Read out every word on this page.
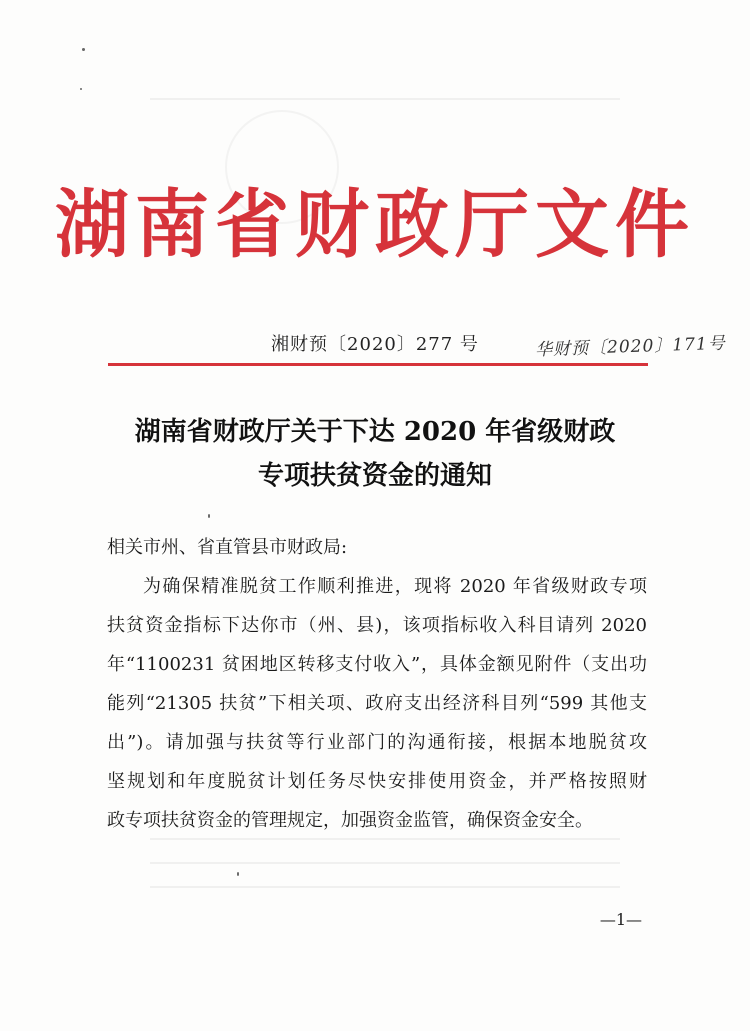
湖南省财政厅文件
湘财预〔2020〕277 号	华财预〔2020〕171号
湖南省财政厅关于下达 2020 年省级财政
专项扶贫资金的通知
相关市州、省直管县市财政局:
为确保精准脱贫工作顺利推进，现将 2020 年省级财政专项
扶贫资金指标下达你市（州、县)，该项指标收入科目请列 2020
年“1100231 贫困地区转移支付收入”，具体金额见附件（支出功
能列“21305 扶贫”下相关项、政府支出经济科目列“599 其他支
出”)。请加强与扶贫等行业部门的沟通衔接，根据本地脱贫攻
坚规划和年度脱贫计划任务尽快安排使用资金，并严格按照财
政专项扶贫资金的管理规定，加强资金监管，确保资金安全。
—1—
